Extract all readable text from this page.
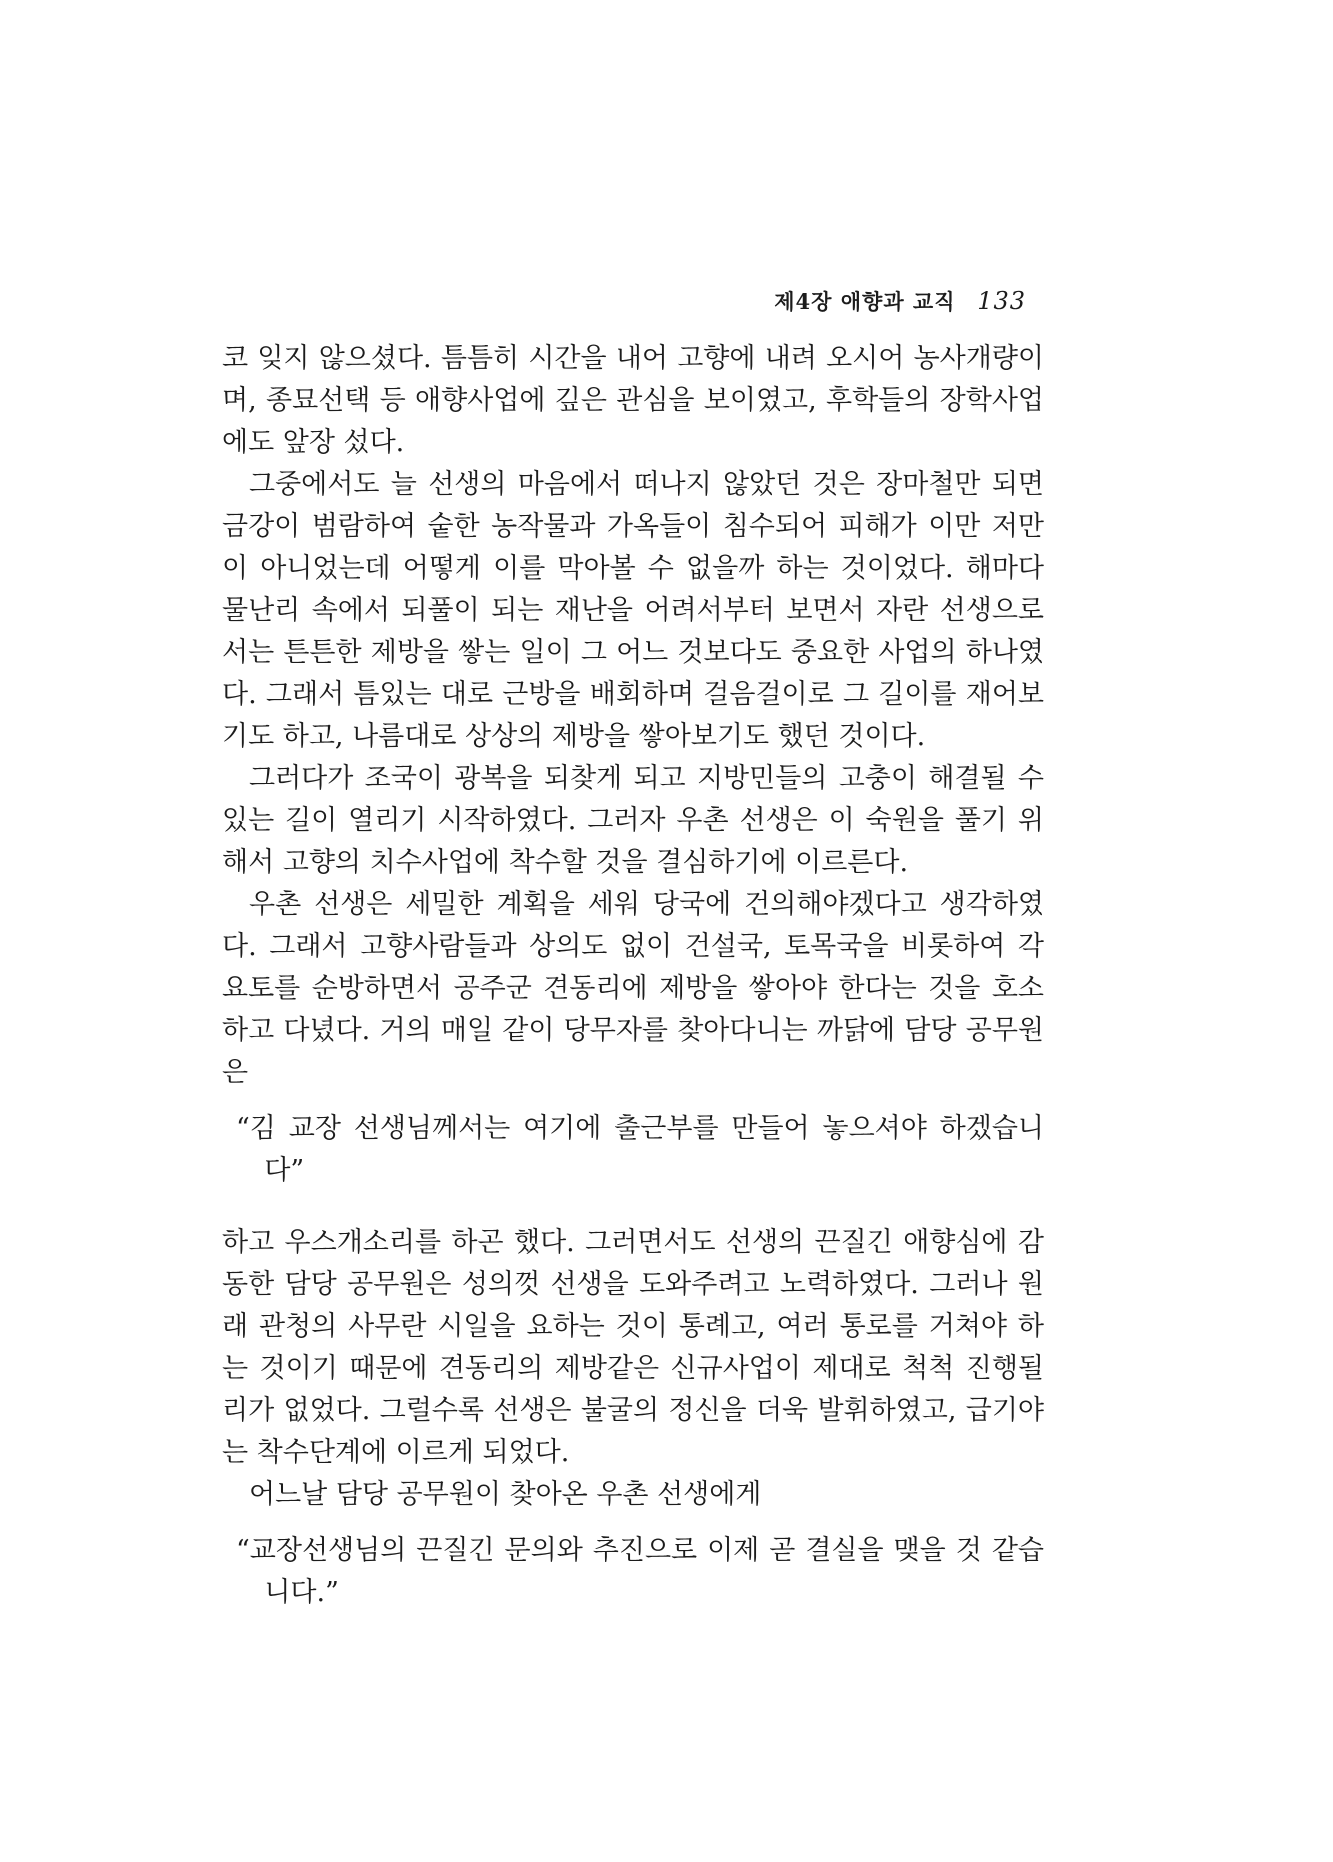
제4장 애향과 교직 133

코 잊지 않으셨다. 틈틈히 시간을 내어 고향에 내려 오시어 농사개량이며, 종묘선택 등 애향사업에 깊은 관심을 보이였고, 후학들의 장학사업에도 앞장 섰다.

그중에서도 늘 선생의 마음에서 떠나지 않았던 것은 장마철만 되면 금강이 범람하여 숱한 농작물과 가옥들이 침수되어 피해가 이만 저만이 아니었는데 어떻게 이를 막아볼 수 없을까 하는 것이었다. 해마다 물난리 속에서 되풀이 되는 재난을 어려서부터 보면서 자란 선생으로서는 튼튼한 제방을 쌓는 일이 그 어느 것보다도 중요한 사업의 하나였다. 그래서 틈있는 대로 근방을 배회하며 걸음걸이로 그 길이를 재어보기도 하고, 나름대로 상상의 제방을 쌓아보기도 했던 것이다.

그러다가 조국이 광복을 되찾게 되고 지방민들의 고충이 해결될 수 있는 길이 열리기 시작하였다. 그러자 우촌 선생은 이 숙원을 풀기 위해서 고향의 치수사업에 착수할 것을 결심하기에 이르른다.

우촌 선생은 세밀한 계획을 세워 당국에 건의해야겠다고 생각하였다. 그래서 고향사람들과 상의도 없이 건설국, 토목국을 비롯하여 각 요토를 순방하면서 공주군 견동리에 제방을 쌓아야 한다는 것을 호소하고 다녔다. 거의 매일 같이 당무자를 찾아다니는 까닭에 담당 공무원은

“김 교장 선생님께서는 여기에 출근부를 만들어 놓으셔야 하겠습니다”

하고 우스개소리를 하곤 했다. 그러면서도 선생의 끈질긴 애향심에 감동한 담당 공무원은 성의껏 선생을 도와주려고 노력하였다. 그러나 원래 관청의 사무란 시일을 요하는 것이 통례고, 여러 통로를 거쳐야 하는 것이기 때문에 견동리의 제방같은 신규사업이 제대로 척척 진행될 리가 없었다. 그럴수록 선생은 불굴의 정신을 더욱 발휘하였고, 급기야는 착수단계에 이르게 되었다.

어느날 담당 공무원이 찾아온 우촌 선생에게

“교장선생님의 끈질긴 문의와 추진으로 이제 곧 결실을 맺을 것 같습니다.”
